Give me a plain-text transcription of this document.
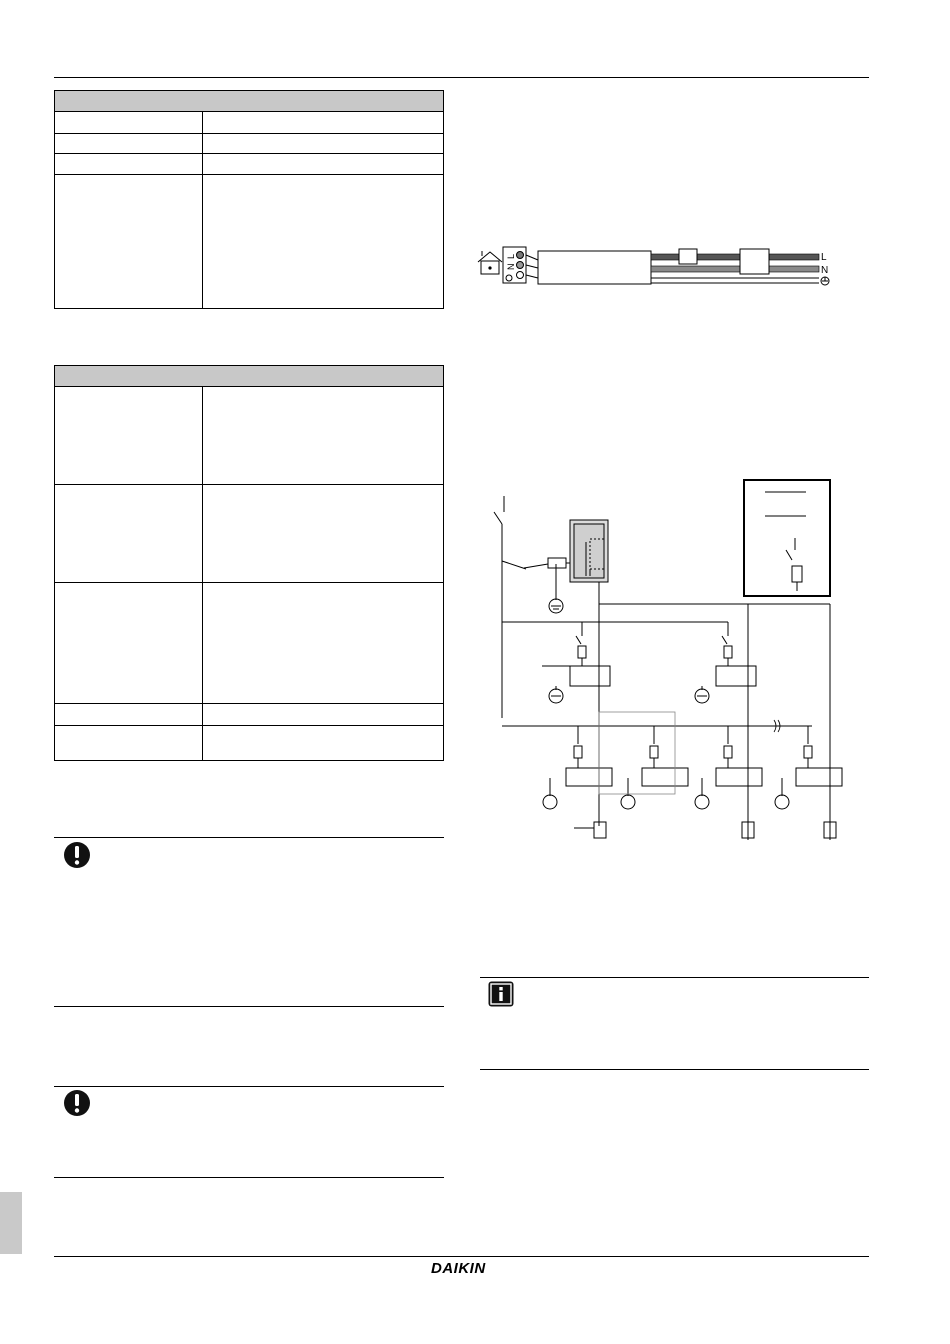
L
N
L
N
DAIKIN
